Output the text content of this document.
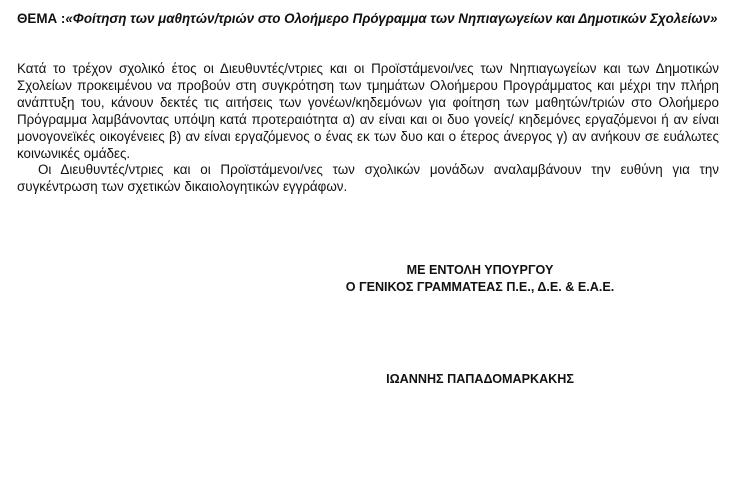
ΘΕΜΑ :«Φοίτηση των μαθητών/τριών στο Ολοήμερο Πρόγραμμα των Νηπιαγωγείων και Δημοτικών Σχολείων»

Κατά το τρέχον σχολικό έτος οι Διευθυντές/ντριες και οι Προϊστάμενοι/νες των Νηπιαγωγείων και των Δημοτικών Σχολείων προκειμένου να προβούν στη συγκρότηση των τμημάτων Ολοήμερου Προγράμματος και μέχρι την πλήρη ανάπτυξη του, κάνουν δεκτές τις αιτήσεις των γονέων/κηδεμόνων για φοίτηση των μαθητών/τριών στο Ολοήμερο Πρόγραμμα λαμβάνοντας υπόψη κατά προτεραιότητα α) αν είναι και οι δυο γονείς/ κηδεμόνες εργαζόμενοι ή αν είναι μονογονεϊκές οικογένειες β) αν είναι εργαζόμενος ο ένας εκ των δυο και ο έτερος άνεργος γ) αν ανήκουν σε ευάλωτες κοινωνικές ομάδες.

Οι Διευθυντές/ντριες και οι Προϊστάμενοι/νες των σχολικών μονάδων αναλαμβάνουν την ευθύνη για την συγκέντρωση των σχετικών δικαιολογητικών εγγράφων.

ΜΕ ΕΝΤΟΛΗ ΥΠΟΥΡΓΟΥ
Ο ΓΕΝΙΚΟΣ ΓΡΑΜΜΑΤΕΑΣ Π.Ε., Δ.Ε. & Ε.Α.Ε.
ΙΩΑΝΝΗΣ ΠΑΠΑΔΟΜΑΡΚΑΚΗΣ
